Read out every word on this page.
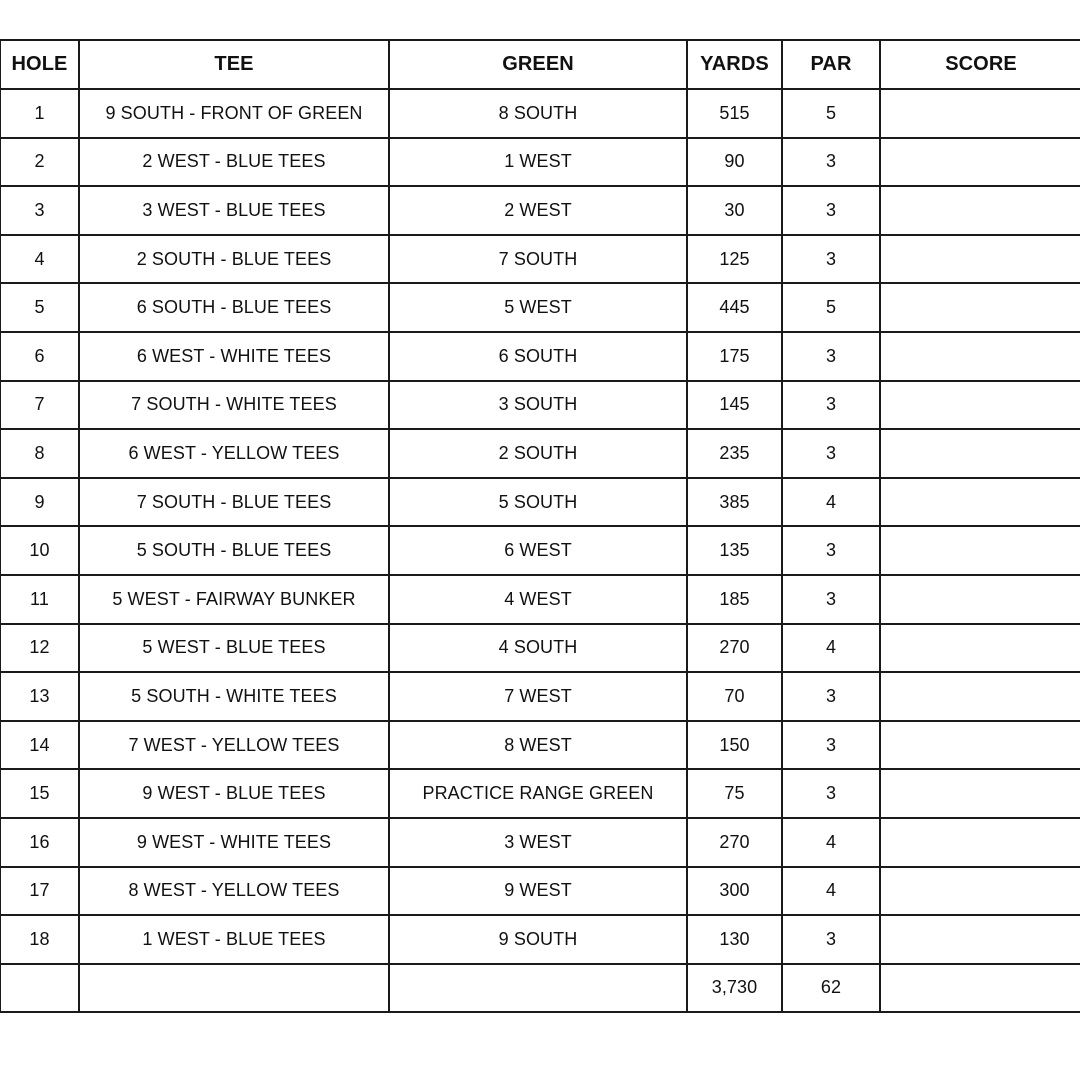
HOLE	TEE	GREEN	YARDS	PAR	SCORE
1	9 SOUTH - FRONT OF GREEN	8 SOUTH	515	5	
2	2 WEST - BLUE TEES	1 WEST	90	3	
3	3 WEST - BLUE TEES	2 WEST	30	3	
4	2 SOUTH - BLUE TEES	7 SOUTH	125	3	
5	6 SOUTH - BLUE TEES	5 WEST	445	5	
6	6 WEST - WHITE TEES	6 SOUTH	175	3	
7	7 SOUTH - WHITE TEES	3 SOUTH	145	3	
8	6 WEST - YELLOW TEES	2 SOUTH	235	3	
9	7 SOUTH - BLUE TEES	5 SOUTH	385	4	
10	5 SOUTH - BLUE TEES	6 WEST	135	3	
11	5 WEST - FAIRWAY BUNKER	4 WEST	185	3	
12	5 WEST - BLUE TEES	4 SOUTH	270	4	
13	5 SOUTH - WHITE TEES	7 WEST	70	3	
14	7 WEST - YELLOW TEES	8 WEST	150	3	
15	9 WEST - BLUE TEES	PRACTICE RANGE GREEN	75	3	
16	9 WEST - WHITE TEES	3 WEST	270	4	
17	8 WEST - YELLOW TEES	9 WEST	300	4	
18	1 WEST - BLUE TEES	9 SOUTH	130	3	
			3,730	62	
